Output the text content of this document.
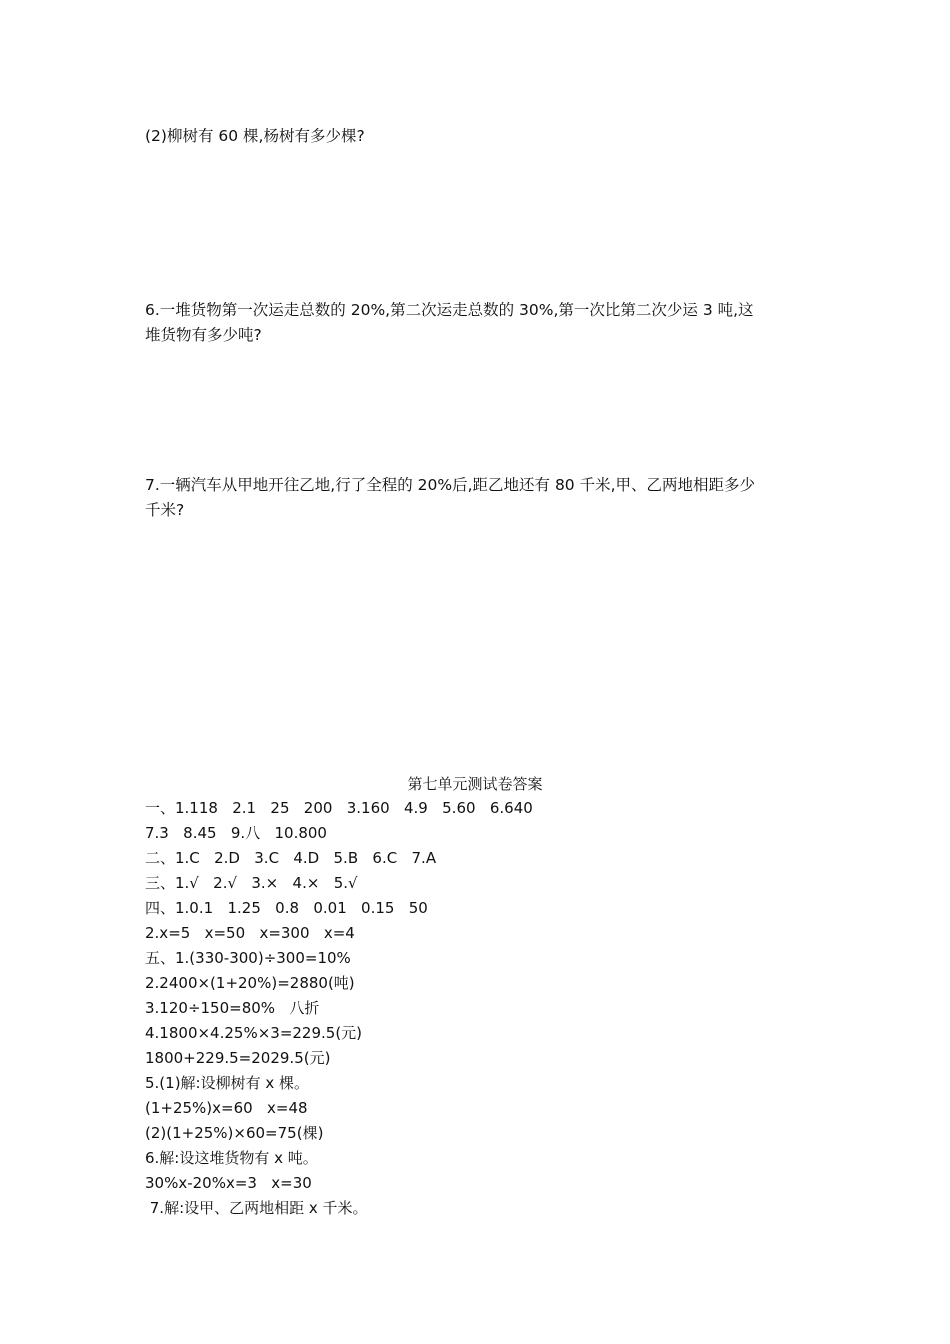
(2)柳树有 60 棵,杨树有多少棵?
6.一堆货物第一次运走总数的 20%,第二次运走总数的 30%,第一次比第二次少运 3 吨,这
堆货物有多少吨?
7.一辆汽车从甲地开往乙地,行了全程的 20%后,距乙地还有 80 千米,甲、乙两地相距多少
千米?
第七单元测试卷答案
一、1.118   2.1   25   200   3.160   4.9   5.60   6.640
7.3   8.45   9.八   10.800
二、1.C   2.D   3.C   4.D   5.B   6.C   7.A
三、1.√   2.√   3.×   4.×   5.√
四、1.0.1   1.25   0.8   0.01   0.15   50
2.x=5   x=50   x=300   x=4
五、1.(330-300)÷300=10%
2.2400×(1+20%)=2880(吨)
3.120÷150=80%   八折
4.1800×4.25%×3=229.5(元)
1800+229.5=2029.5(元)
5.(1)解:设柳树有 x 棵。
(1+25%)x=60   x=48
(2)(1+25%)×60=75(棵)
6.解:设这堆货物有 x 吨。
30%x-20%x=3   x=30
7.解:设甲、乙两地相距 x 千米。
